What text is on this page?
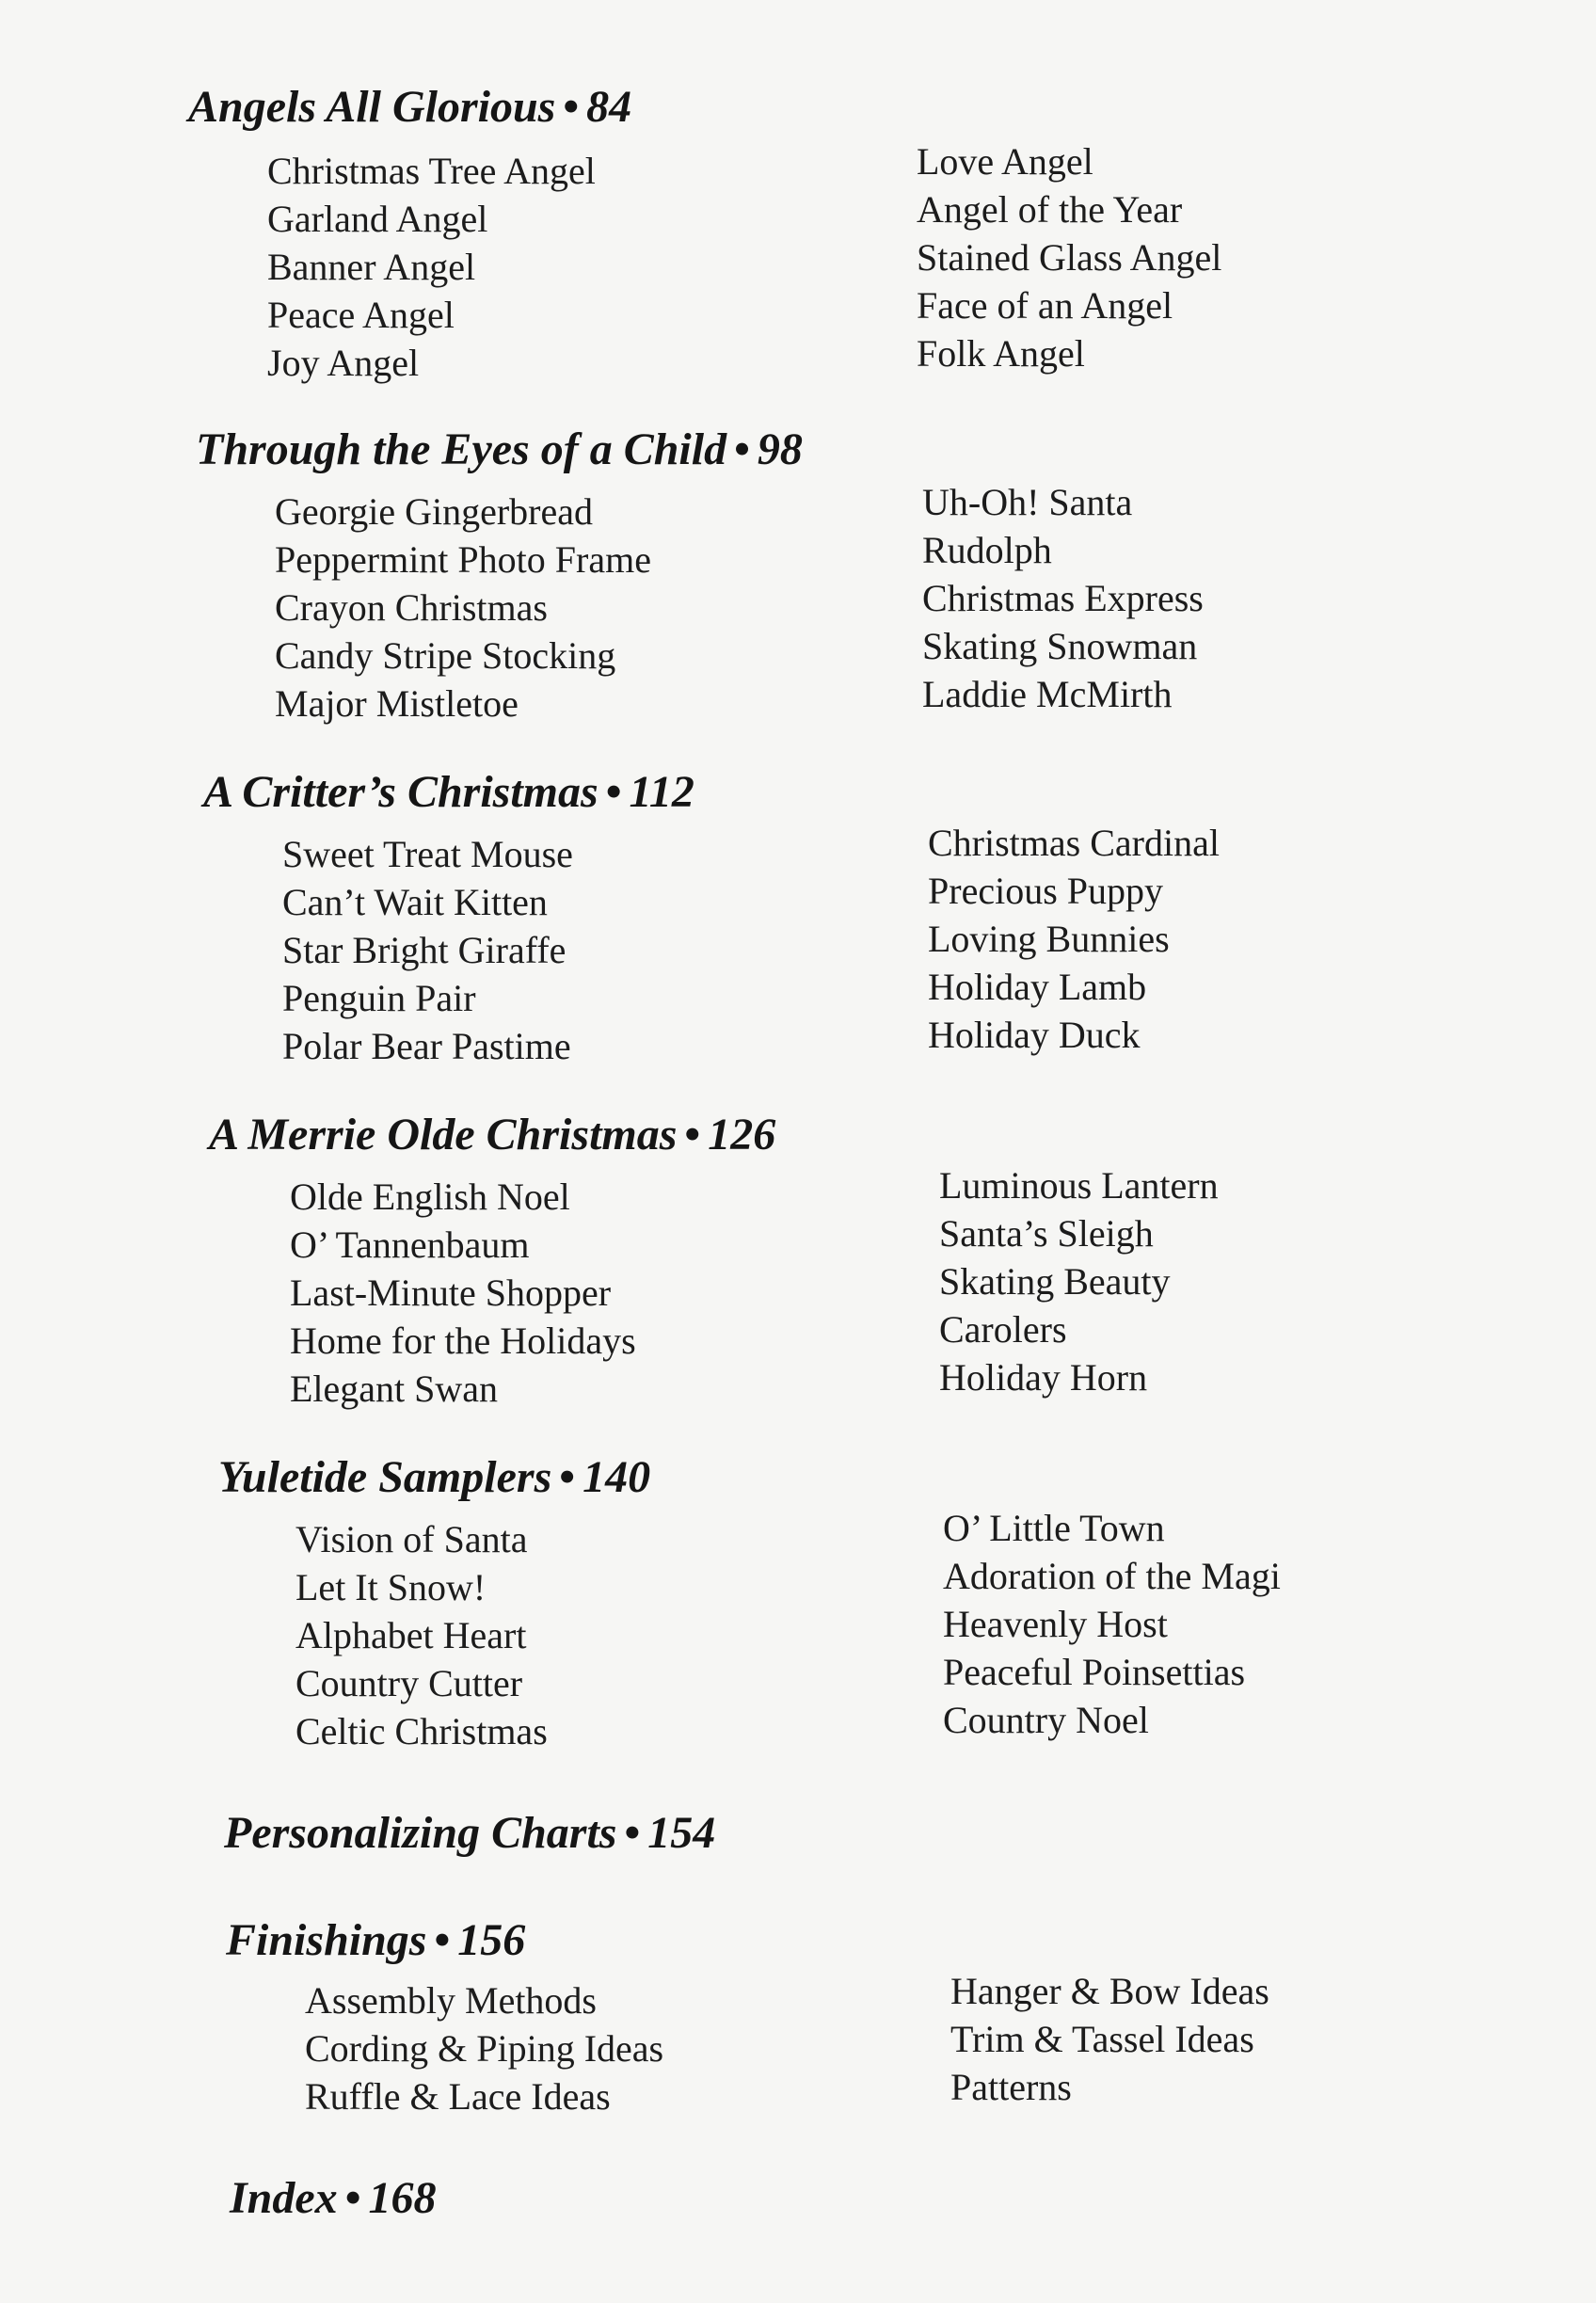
Angels All Glorious • 84
Christmas Tree Angel
Garland Angel
Banner Angel
Peace Angel
Joy Angel
Love Angel
Angel of the Year
Stained Glass Angel
Face of an Angel
Folk Angel
Through the Eyes of a Child • 98
Georgie Gingerbread
Peppermint Photo Frame
Crayon Christmas
Candy Stripe Stocking
Major Mistletoe
Uh-Oh! Santa
Rudolph
Christmas Express
Skating Snowman
Laddie McMirth
A Critter’s Christmas • 112
Sweet Treat Mouse
Can’t Wait Kitten
Star Bright Giraffe
Penguin Pair
Polar Bear Pastime
Christmas Cardinal
Precious Puppy
Loving Bunnies
Holiday Lamb
Holiday Duck
A Merrie Olde Christmas • 126
Olde English Noel
O’ Tannenbaum
Last-Minute Shopper
Home for the Holidays
Elegant Swan
Luminous Lantern
Santa’s Sleigh
Skating Beauty
Carolers
Holiday Horn
Yuletide Samplers • 140
Vision of Santa
Let It Snow!
Alphabet Heart
Country Cutter
Celtic Christmas
O’ Little Town
Adoration of the Magi
Heavenly Host
Peaceful Poinsettias
Country Noel
Personalizing Charts • 154
Finishings • 156
Assembly Methods
Cording & Piping Ideas
Ruffle & Lace Ideas
Hanger & Bow Ideas
Trim & Tassel Ideas
Patterns
Index • 168
